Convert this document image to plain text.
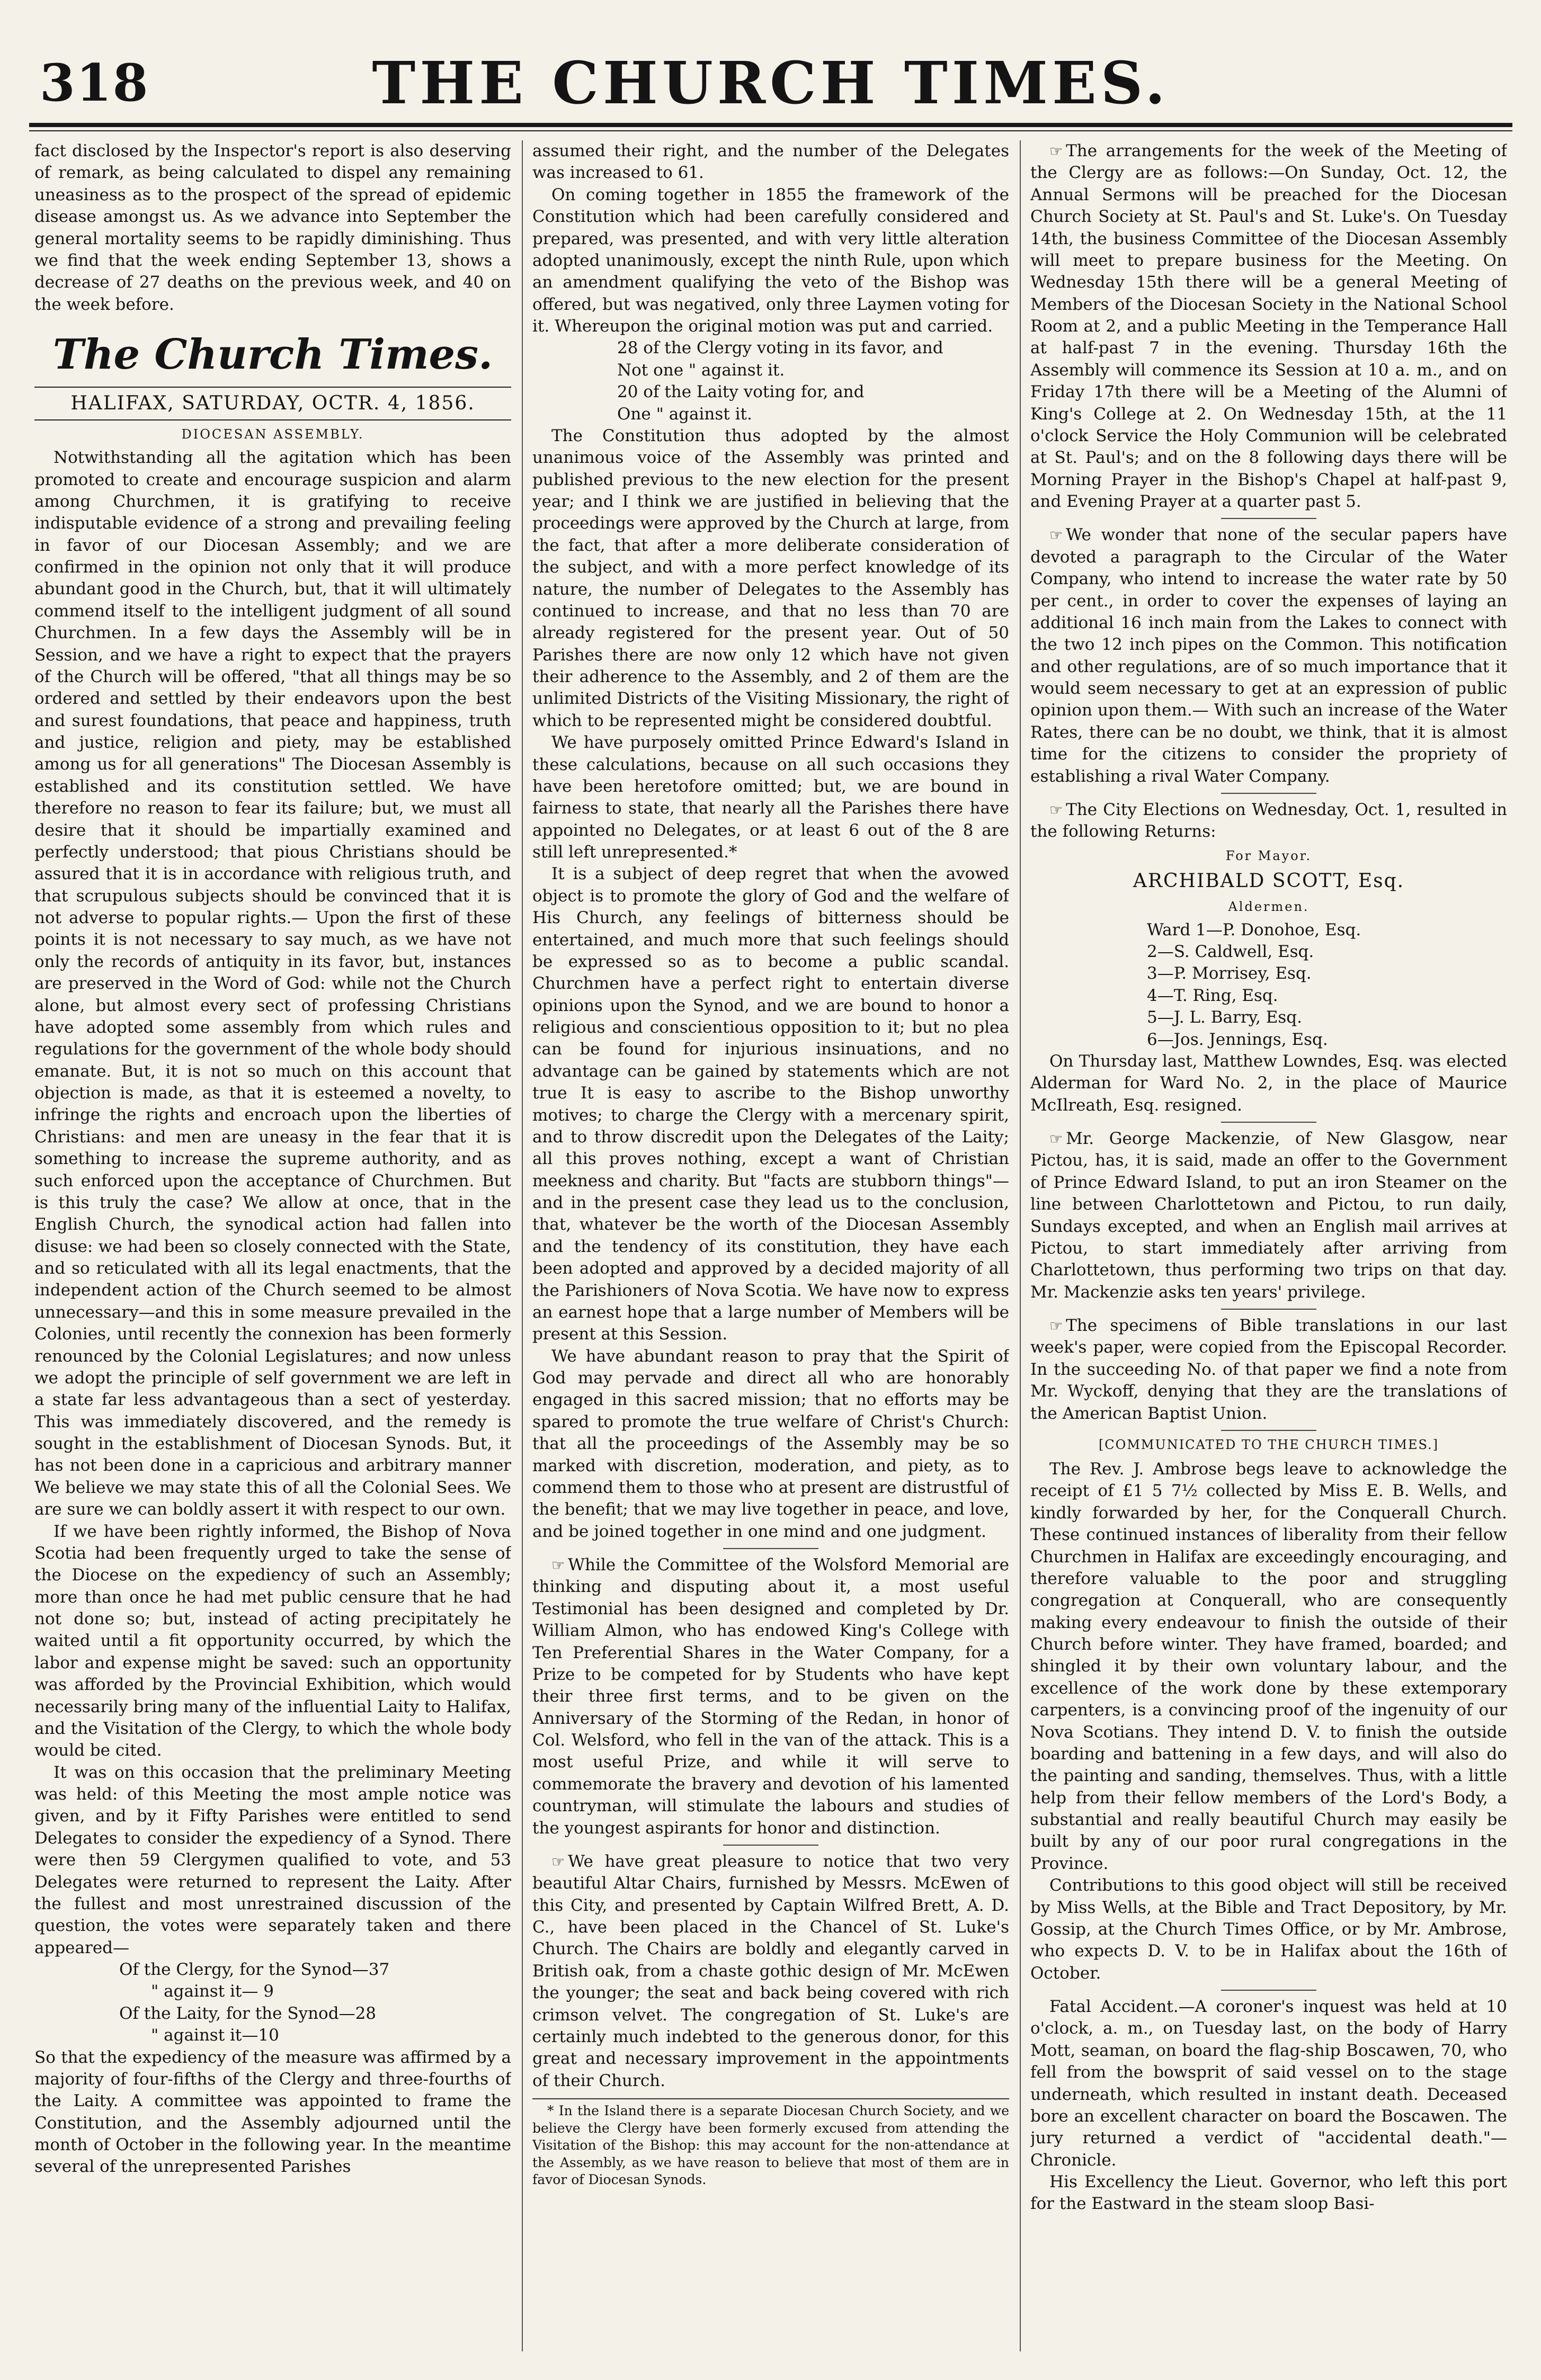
318	THE CHURCH TIMES.

fact disclosed by the Inspector's report is also deserving of remark, as being calculated to dispel any remaining uneasiness as to the prospect of the spread of epidemic disease amongst us. As we advance into September the general mortality seems to be rapidly diminishing. Thus we find that the week ending September 13, shows a decrease of 27 deaths on the previous week, and 40 on the week before.

The Church Times.
HALIFAX, SATURDAY, OCTR. 4, 1856.
DIOCESAN ASSEMBLY.

Notwithstanding all the agitation which has been promoted to create and encourage suspicion and alarm among Churchmen, it is gratifying to receive indisputable evidence of a strong and prevailing feeling in favor of our Diocesan Assembly; and we are confirmed in the opinion not only that it will produce abundant good in the Church, but, that it will ultimately commend itself to the intelligent judgment of all sound Churchmen. In a few days the Assembly will be in Session, and we have a right to expect that the prayers of the Church will be offered, "that all things may be so ordered and settled by their endeavors upon the best and surest foundations, that peace and happiness, truth and justice, religion and piety, may be established among us for all generations" The Diocesan Assembly is established and its constitution settled. We have therefore no reason to fear its failure; but, we must all desire that it should be impartially examined and perfectly understood; that pious Christians should be assured that it is in accordance with religious truth, and that scrupulous subjects should be convinced that it is not adverse to popular rights.— Upon the first of these points it is not necessary to say much, as we have not only the records of antiquity in its favor, but, instances are preserved in the Word of God: while not the Church alone, but almost every sect of professing Christians have adopted some assembly from which rules and regulations for the government of the whole body should emanate. But, it is not so much on this account that objection is made, as that it is esteemed a novelty, to infringe the rights and encroach upon the liberties of Christians: and men are uneasy in the fear that it is something to increase the supreme authority, and as such enforced upon the acceptance of Churchmen. But is this truly the case? We allow at once, that in the English Church, the synodical action had fallen into disuse: we had been so closely connected with the State, and so reticulated with all its legal enactments, that the independent action of the Church seemed to be almost unnecessary—and this in some measure prevailed in the Colonies, until recently the connexion has been formerly renounced by the Colonial Legislatures; and now unless we adopt the principle of self government we are left in a state far less advantageous than a sect of yesterday. This was immediately discovered, and the remedy is sought in the establishment of Diocesan Synods. But, it has not been done in a capricious and arbitrary manner We believe we may state this of all the Colonial Sees. We are sure we can boldly assert it with respect to our own.

If we have been rightly informed, the Bishop of Nova Scotia had been frequently urged to take the sense of the Diocese on the expediency of such an Assembly; more than once he had met public censure that he had not done so; but, instead of acting precipitately he waited until a fit opportunity occurred, by which the labor and expense might be saved: such an opportunity was afforded by the Provincial Exhibition, which would necessarily bring many of the influential Laity to Halifax, and the Visitation of the Clergy, to which the whole body would be cited.

It was on this occasion that the preliminary Meeting was held: of this Meeting the most ample notice was given, and by it Fifty Parishes were entitled to send Delegates to consider the expediency of a Synod. There were then 59 Clergymen qualified to vote, and 53 Delegates were returned to represent the Laity. After the fullest and most unrestrained discussion of the question, the votes were separately taken and there appeared—

Of the Clergy, for the Synod—37

" against it— 9

Of the Laity, for the Synod—28

" against it—10

So that the expediency of the measure was affirmed by a majority of four-fifths of the Clergy and three-fourths of the Laity. A committee was appointed to frame the Constitution, and the Assembly adjourned until the month of October in the following year. In the meantime several of the unrepresented Parishes

assumed their right, and the number of the Delegates was increased to 61.

On coming together in 1855 the framework of the Constitution which had been carefully considered and prepared, was presented, and with very little alteration adopted unanimously, except the ninth Rule, upon which an amendment qualifying the veto of the Bishop was offered, but was negatived, only three Laymen voting for it. Whereupon the original motion was put and carried.

28 of the Clergy voting in its favor, and

Not one " against it.

20 of the Laity voting for, and

One " against it.

The Constitution thus adopted by the almost unanimous voice of the Assembly was printed and published previous to the new election for the present year; and I think we are justified in believing that the proceedings were approved by the Church at large, from the fact, that after a more deliberate consideration of the subject, and with a more perfect knowledge of its nature, the number of Delegates to the Assembly has continued to increase, and that no less than 70 are already registered for the present year. Out of 50 Parishes there are now only 12 which have not given their adherence to the Assembly, and 2 of them are the unlimited Districts of the Visiting Missionary, the right of which to be represented might be considered doubtful.

We have purposely omitted Prince Edward's Island in these calculations, because on all such occasions they have been heretofore omitted; but, we are bound in fairness to state, that nearly all the Parishes there have appointed no Delegates, or at least 6 out of the 8 are still left unrepresented.*

It is a subject of deep regret that when the avowed object is to promote the glory of God and the welfare of His Church, any feelings of bitterness should be entertained, and much more that such feelings should be expressed so as to become a public scandal. Churchmen have a perfect right to entertain diverse opinions upon the Synod, and we are bound to honor a religious and conscientious opposition to it; but no plea can be found for injurious insinuations, and no advantage can be gained by statements which are not true It is easy to ascribe to the Bishop unworthy motives; to charge the Clergy with a mercenary spirit, and to throw discredit upon the Delegates of the Laity; all this proves nothing, except a want of Christian meekness and charity. But "facts are stubborn things"—and in the present case they lead us to the conclusion, that, whatever be the worth of the Diocesan Assembly and the tendency of its constitution, they have each been adopted and approved by a decided majority of all the Parishioners of Nova Scotia. We have now to express an earnest hope that a large number of Members will be present at this Session.

We have abundant reason to pray that the Spirit of God may pervade and direct all who are honorably engaged in this sacred mission; that no efforts may be spared to promote the true welfare of Christ's Church: that all the proceedings of the Assembly may be so marked with discretion, moderation, and piety, as to commend them to those who at present are distrustful of the benefit; that we may live together in peace, and love, and be joined together in one mind and one judgment.

☞ While the Committee of the Wolsford Memorial are thinking and disputing about it, a most useful Testimonial has been designed and completed by Dr. William Almon, who has endowed King's College with Ten Preferential Shares in the Water Company, for a Prize to be competed for by Students who have kept their three first terms, and to be given on the Anniversary of the Storming of the Redan, in honor of Col. Welsford, who fell in the van of the attack. This is a most useful Prize, and while it will serve to commemorate the bravery and devotion of his lamented countryman, will stimulate the labours and studies of the youngest aspirants for honor and distinction.

☞ We have great pleasure to notice that two very beautiful Altar Chairs, furnished by Messrs. McEwen of this City, and presented by Captain Wilfred Brett, A. D. C., have been placed in the Chancel of St. Luke's Church. The Chairs are boldly and elegantly carved in British oak, from a chaste gothic design of Mr. McEwen the younger; the seat and back being covered with rich crimson velvet. The congregation of St. Luke's are certainly much indebted to the generous donor, for this great and necessary improvement in the appointments of their Church.

* In the Island there is a separate Diocesan Church Society, and we believe the Clergy have been formerly excused from attending the Visitation of the Bishop: this may account for the non-attendance at the Assembly, as we have reason to believe that most of them are in favor of Diocesan Synods.

☞ The arrangements for the week of the Meeting of the Clergy are as follows:—On Sunday, Oct. 12, the Annual Sermons will be preached for the Diocesan Church Society at St. Paul's and St. Luke's. On Tuesday 14th, the business Committee of the Diocesan Assembly will meet to prepare business for the Meeting. On Wednesday 15th there will be a general Meeting of Members of the Diocesan Society in the National School Room at 2, and a public Meeting in the Temperance Hall at half-past 7 in the evening. Thursday 16th the Assembly will commence its Session at 10 a. m., and on Friday 17th there will be a Meeting of the Alumni of King's College at 2. On Wednesday 15th, at the 11 o'clock Service the Holy Communion will be celebrated at St. Paul's; and on the 8 following days there will be Morning Prayer in the Bishop's Chapel at half-past 9, and Evening Prayer at a quarter past 5.

☞ We wonder that none of the secular papers have devoted a paragraph to the Circular of the Water Company, who intend to increase the water rate by 50 per cent., in order to cover the expenses of laying an additional 16 inch main from the Lakes to connect with the two 12 inch pipes on the Common. This notification and other regulations, are of so much importance that it would seem necessary to get at an expression of public opinion upon them.— With such an increase of the Water Rates, there can be no doubt, we think, that it is almost time for the citizens to consider the propriety of establishing a rival Water Company.

☞ The City Elections on Wednesday, Oct. 1, resulted in the following Returns:

For Mayor.
ARCHIBALD SCOTT, Esq.
Aldermen.

Ward 1—P. Donohoe, Esq.

2—S. Caldwell, Esq.

3—P. Morrisey, Esq.

4—T. Ring, Esq.

5—J. L. Barry, Esq.

6—Jos. Jennings, Esq.

On Thursday last, Matthew Lowndes, Esq. was elected Alderman for Ward No. 2, in the place of Maurice McIlreath, Esq. resigned.

☞ Mr. George Mackenzie, of New Glasgow, near Pictou, has, it is said, made an offer to the Government of Prince Edward Island, to put an iron Steamer on the line between Charlottetown and Pictou, to run daily, Sundays excepted, and when an English mail arrives at Pictou, to start immediately after arriving from Charlottetown, thus performing two trips on that day. Mr. Mackenzie asks ten years' privilege.

☞ The specimens of Bible translations in our last week's paper, were copied from the Episcopal Recorder. In the succeeding No. of that paper we find a note from Mr. Wyckoff, denying that they are the translations of the American Baptist Union.

[COMMUNICATED TO THE CHURCH TIMES.]

The Rev. J. Ambrose begs leave to acknowledge the receipt of £1 5 7½ collected by Miss E. B. Wells, and kindly forwarded by her, for the Conquerall Church. These continued instances of liberality from their fellow Churchmen in Halifax are exceedingly encouraging, and therefore valuable to the poor and struggling congregation at Conquerall, who are consequently making every endeavour to finish the outside of their Church before winter. They have framed, boarded; and shingled it by their own voluntary labour, and the excellence of the work done by these extemporary carpenters, is a convincing proof of the ingenuity of our Nova Scotians. They intend D. V. to finish the outside boarding and battening in a few days, and will also do the painting and sanding, themselves. Thus, with a little help from their fellow members of the Lord's Body, a substantial and really beautiful Church may easily be built by any of our poor rural congregations in the Province.

Contributions to this good object will still be received by Miss Wells, at the Bible and Tract Depository, by Mr. Gossip, at the Church Times Office, or by Mr. Ambrose, who expects D. V. to be in Halifax about the 16th of October.

Fatal Accident.—A coroner's inquest was held at 10 o'clock, a. m., on Tuesday last, on the body of Harry Mott, seaman, on board the flag-ship Boscawen, 70, who fell from the bowsprit of said vessel on to the stage underneath, which resulted in instant death. Deceased bore an excellent character on board the Boscawen. The jury returned a verdict of "accidental death."—Chronicle.

His Excellency the Lieut. Governor, who left this port for the Eastward in the steam sloop Basi-
